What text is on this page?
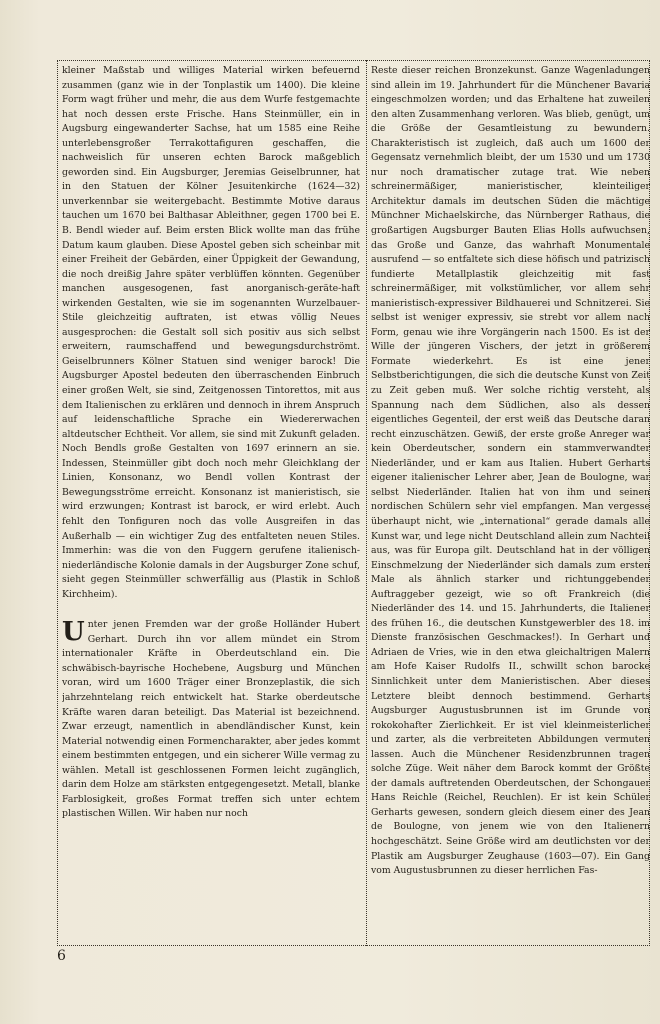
kleiner Maßstab und williges Material wirken befeuernd zusammen (ganz wie in der Tonplastik um 1400). Die kleine Form wagt früher und mehr, die aus dem Wurfe festgemachte hat noch dessen erste Frische. Hans Steinmüller, ein in Augsburg eingewanderter Sachse, hat um 1585 eine Reihe unterlebensgroßer Terrakottafiguren geschaffen, die nachweislich für unseren echten Barock maßgeblich geworden sind. Ein Augsburger, Jeremias Geiselbrunner, hat in den Statuen der Kölner Jesuitenkirche (1624—32) unverkennbar sie weitergebacht. Bestimmte Motive daraus tauchen um 1670 bei Balthasar Ableithner, gegen 1700 bei E. B. Bendl wieder auf. Beim ersten Blick wollte man das frühe Datum kaum glauben. Diese Apostel geben sich scheinbar mit einer Freiheit der Gebärden, einer Üppigkeit der Gewandung, die noch dreißig Jahre später verblüffen könnten. Gegenüber manchen ausgesogenen, fast anorganisch-geräte-haft wirkenden Gestalten, wie sie im sogenannten Wurzelbauer-Stile gleichzeitig auftraten, ist etwas völlig Neues ausgesprochen: die Gestalt soll sich positiv aus sich selbst erweitern, raumschaffend und bewegungsdurchströmt. Geiselbrunners Kölner Statuen sind weniger barock! Die Augsburger Apostel bedeuten den überraschenden Einbruch einer großen Welt, sie sind, Zeitgenossen Tintorettos, mit aus dem Italienischen zu erklären und dennoch in ihrem Anspruch auf leidenschaftliche Sprache ein Wiedererwachen altdeutscher Echtheit. Vor allem, sie sind mit Zukunft geladen. Noch Bendls große Gestalten von 1697 erinnern an sie. Indessen, Steinmüller gibt doch noch mehr Gleichklang der Linien, Konsonanz, wo Bendl vollen Kontrast der Bewegungsströme erreicht. Konsonanz ist manieristisch, sie wird erzwungen; Kontrast ist barock, er wird erlebt. Auch fehlt den Tonfiguren noch das volle Ausgreifen in das Außerhalb — ein wichtiger Zug des entfalteten neuen Stiles. Immerhin: was die von den Fuggern gerufene italienisch-niederländische Kolonie damals in der Augsburger Zone schuf, sieht gegen Steinmüller schwerfällig aus (Plastik in Schloß Kirchheim).

Unter jenen Fremden war der große Holländer Hubert Gerhart. Durch ihn vor allem mündet ein Strom internationaler Kräfte in Oberdeutschland ein. Die schwäbisch-bayrische Hochebene, Augsburg und München voran, wird um 1600 Träger einer Bronzeplastik, die sich jahrzehntelang reich entwickelt hat. Starke oberdeutsche Kräfte waren daran beteiligt. Das Material ist bezeichnend. Zwar erzeugt, namentlich in abendländischer Kunst, kein Material notwendig einen Formencharakter, aber jedes kommt einem bestimmten entgegen, und ein sicherer Wille vermag zu wählen. Metall ist geschlossenen Formen leicht zugänglich, darin dem Holze am stärksten entgegengesetzt. Metall, blanke Farblosigkeit, großes Format treffen sich unter echtem plastischen Willen. Wir haben nur noch

Reste dieser reichen Bronzekunst. Ganze Wagenladungen sind allein im 19. Jahrhundert für die Münchener Bavaria eingeschmolzen worden; und das Erhaltene hat zuweilen den alten Zusammenhang verloren. Was blieb, genügt, um die Größe der Gesamtleistung zu bewundern. Charakteristisch ist zugleich, daß auch um 1600 der Gegensatz vernehmlich bleibt, der um 1530 und um 1730 nur noch dramatischer zutage trat. Wie neben schreinermäßiger, manieristischer, kleinteiliger Architektur damals im deutschen Süden die mächtige Münchner Michaelskirche, das Nürnberger Rathaus, die großartigen Augsburger Bauten Elias Holls aufwuchsen, das Große und Ganze, das wahrhaft Monumentale ausrufend — so entfaltete sich diese höfisch und patrizisch fundierte Metallplastik gleichzeitig mit fast schreinermäßiger, mit volkstümlicher, vor allem sehr manieristisch-expressiver Bildhauerei und Schnitzerei. Sie selbst ist weniger expressiv, sie strebt vor allem nach Form, genau wie ihre Vorgängerin nach 1500. Es ist der Wille der jüngeren Vischers, der jetzt in größerem Formate wiederkehrt. Es ist eine jener Selbstberichtigungen, die sich die deutsche Kunst von Zeit zu Zeit geben muß. Wer solche richtig versteht, als Spannung nach dem Südlichen, also als dessen eigentliches Gegenteil, der erst weiß das Deutsche daran recht einzuschätzen. Gewiß, der erste große Anreger war kein Oberdeutscher, sondern ein stammverwandter Niederländer, und er kam aus Italien. Hubert Gerharts eigener italienischer Lehrer aber, Jean de Boulogne, war selbst Niederländer. Italien hat von ihm und seinen nordischen Schülern sehr viel empfangen. Man vergesse überhaupt nicht, wie „international“ gerade damals alle Kunst war, und lege nicht Deutschland allein zum Nachteil aus, was für Europa gilt. Deutschland hat in der völligen Einschmelzung der Niederländer sich damals zum ersten Male als ähnlich starker und richtunggebender Auftraggeber gezeigt, wie so oft Frankreich (die Niederländer des 14. und 15. Jahrhunderts, die Italiener des frühen 16., die deutschen Kunstgewerbler des 18. im Dienste französischen Geschmackes!). In Gerhart und Adriaen de Vries, wie in den etwa gleichaltrigen Malern am Hofe Kaiser Rudolfs II., schwillt schon barocke Sinnlichkeit unter dem Manieristischen. Aber dieses Letztere bleibt dennoch bestimmend. Gerharts Augsburger Augustusbrunnen ist im Grunde von rokokohafter Zierlichkeit. Er ist viel kleinmeisterlicher und zarter, als die verbreiteten Abbildungen vermuten lassen. Auch die Münchener Residenzbrunnen tragen solche Züge. Weit näher dem Barock kommt der Größte der damals auftretenden Oberdeutschen, der Schongauer Hans Reichle (Reichel, Reuchlen). Er ist kein Schüler Gerharts gewesen, sondern gleich diesem einer des Jean de Boulogne, von jenem wie von den Italienern hochgeschätzt. Seine Größe wird am deutlichsten vor der Plastik am Augsburger Zeughause (1603—07). Ein Gang vom Augustusbrunnen zu dieser herrlichen Fas-

6
